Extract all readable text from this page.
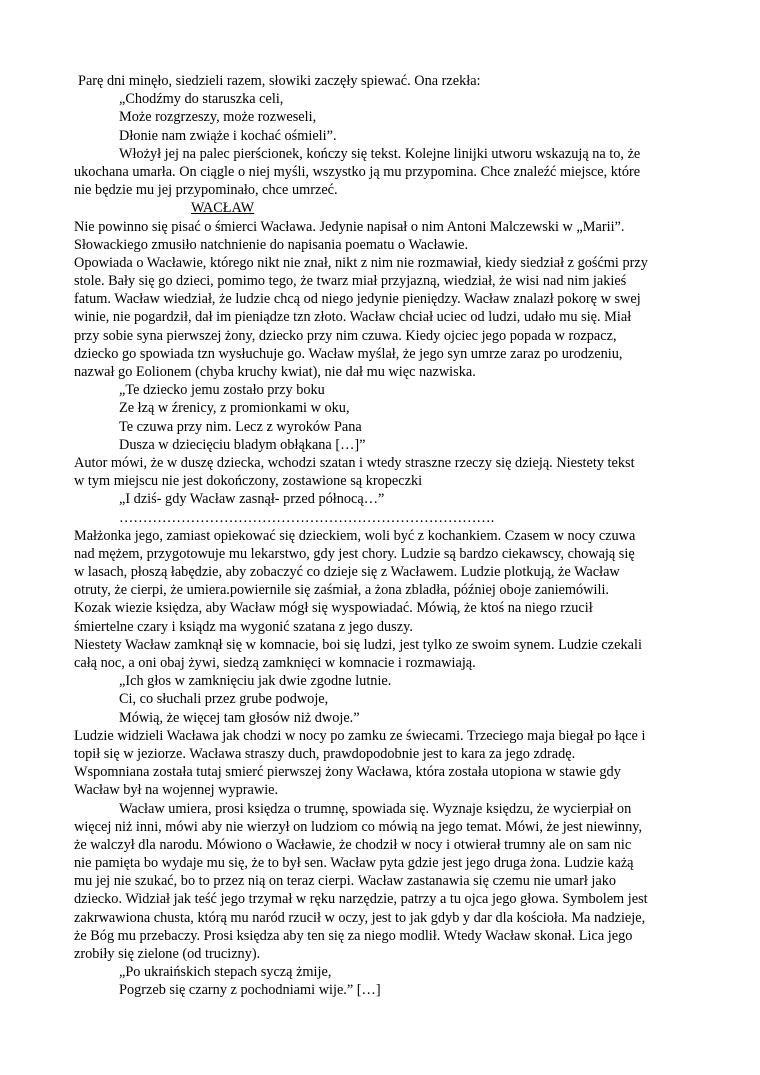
Parę dni minęło, siedzieli razem, słowiki zaczęły spiewać. Ona rzekła:

„Chodźmy do staruszka celi,

Może rozgrzeszy, może rozweseli,

Dłonie nam zwiąże i kochać ośmieli”.

Włożył jej na palec pierścionek, kończy się tekst. Kolejne linijki utworu wskazują na to, że

ukochana umarła. On ciągle o niej myśli, wszystko ją mu przypomina. Chce znaleźć miejsce, które

nie będzie mu jej przypominało, chce umrzeć.

WACŁAW

Nie powinno się pisać o śmierci Wacława. Jedynie napisał o nim Antoni Malczewski w „Marii”.

Słowackiego zmusiło natchnienie do napisania poematu o Wacławie.

Opowiada o Wacławie, którego nikt nie znał, nikt z nim nie rozmawiał, kiedy siedział z gośćmi przy

stole. Bały się go dzieci, pomimo tego, że twarz miał przyjazną, wiedział, że wisi nad nim jakieś

fatum. Wacław wiedział, że ludzie chcą od niego jedynie pieniędzy. Wacław znalazł pokorę w swej

winie, nie pogardził, dał im pieniądze tzn złoto. Wacław chciał uciec od ludzi, udało mu się. Miał

przy sobie syna pierwszej żony, dziecko przy nim czuwa. Kiedy ojciec jego popada w rozpacz,

dziecko go spowiada tzn wysłuchuje go. Wacław myślał, że jego syn umrze zaraz po urodzeniu,

nazwał go Eolionem (chyba kruchy kwiat), nie dał mu więc nazwiska.

„Te dziecko jemu zostało przy boku

Ze łzą w źrenicy, z promionkami w oku,

Te czuwa przy nim. Lecz z wyroków Pana

Dusza w dziecięciu bladym obłąkana […]”

Autor mówi, że w duszę dziecka, wchodzi szatan i wtedy straszne rzeczy się dzieją. Niestety tekst

w tym miejscu nie jest dokończony, zostawione są kropeczki

„I dziś- gdy Wacław zasnął- przed północą…”

…………………………………………………………………….

Małżonka jego, zamiast opiekować się dzieckiem, woli być z kochankiem. Czasem w nocy czuwa

nad mężem, przygotowuje mu lekarstwo, gdy jest chory. Ludzie są bardzo ciekawscy, chowają się

w lasach, płoszą łabędzie, aby zobaczyć co dzieje się z Wacławem. Ludzie plotkują, że Wacław

otruty, że cierpi, że umiera.powiernile się zaśmiał, a żona zbladła, później oboje zaniemówili.

Kozak wiezie księdza, aby Wacław mógł się wyspowiadać. Mówią, że ktoś na niego rzucił

śmiertelne czary i ksiądz ma wygonić szatana z jego duszy.

Niestety Wacław zamknął się w komnacie, boi się ludzi, jest tylko ze swoim synem. Ludzie czekali

całą noc, a oni obaj żywi, siedzą zamknięci w komnacie i rozmawiają.

„Ich głos w zamknięciu jak dwie zgodne lutnie.

Ci, co słuchali przez grube podwoje,

Mówią, że więcej tam głosów niż dwoje.”

Ludzie widzieli Wacława jak chodzi w nocy po zamku ze świecami. Trzeciego maja biegał po łące i

topił się w jeziorze. Wacława straszy duch, prawdopodobnie jest to kara za jego zdradę.

Wspomniana została tutaj smierć pierwszej żony Wacława, która została utopiona w stawie gdy

Wacław był na wojennej wyprawie.

Wacław umiera, prosi księdza o trumnę, spowiada się. Wyznaje księdzu, że wycierpiał on

więcej niż inni, mówi aby nie wierzył on ludziom co mówią na jego temat. Mówi, że jest niewinny,

że walczył dla narodu. Mówiono o Wacławie, że chodził w nocy i otwierał trumny ale on sam nic

nie pamięta bo wydaje mu się, że to był sen. Wacław pyta gdzie jest jego druga żona. Ludzie każą

mu jej nie szukać, bo to przez nią on teraz cierpi. Wacław zastanawia się czemu nie umarł jako

dziecko. Widział jak teść jego trzymał w ręku narzędzie, patrzy a tu ojca jego głowa. Symbolem jest

zakrwawiona chusta, którą mu naród rzucił w oczy, jest to jak gdyb y dar dla kościoła. Ma nadzieje,

że Bóg mu przebaczy. Prosi księdza aby ten się za niego modlił. Wtedy Wacław skonał. Lica jego

zrobiły się zielone (od trucizny).

„Po ukraińskich stepach syczą żmije,

Pogrzeb się czarny z pochodniami wije.” […]
